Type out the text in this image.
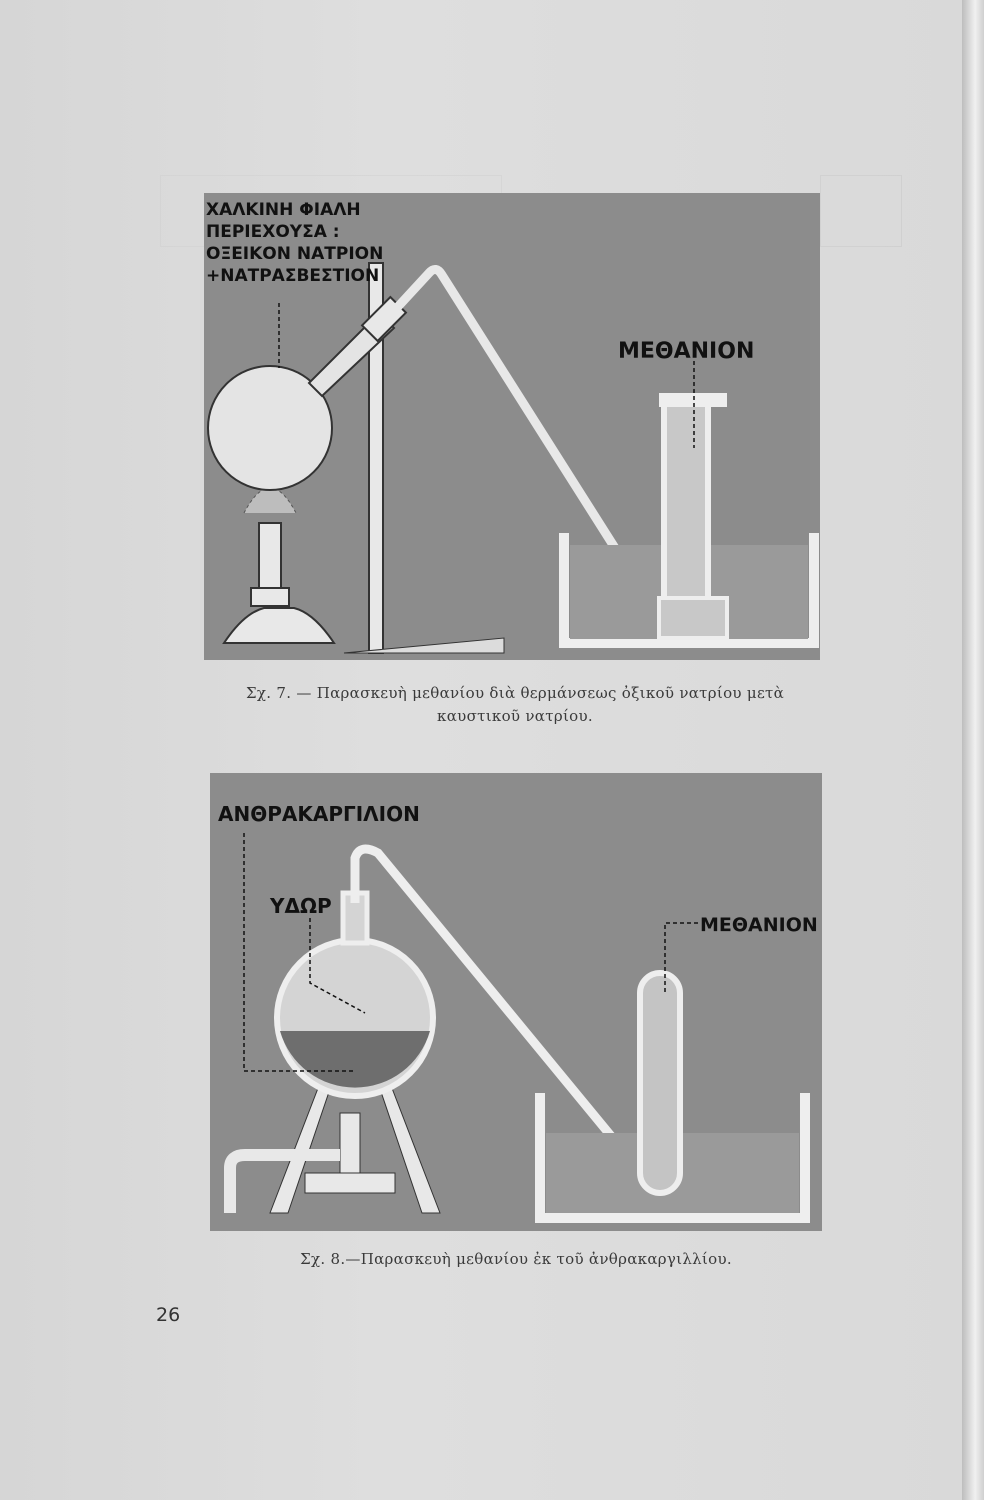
ΧΑΛΚΙΝΗ ΦΙΑΛΗ
ΠΕΡΙΕΧΟΥΣΑ :
ΟΞΕΙΚΟΝ ΝΑΤΡΙΟΝ
+ΝΑΤΡΑΣΒΕΣΤΙΟΝ
ΜΕΘΑΝΙΟΝ
Σχ. 7. — Παρασκευὴ μεθανίου διὰ θερμάνσεως ὀξικοῦ νατρίου μετὰ
καυστικοῦ νατρίου.
ΑΝΘΡΑΚΑΡΓΙΛΙΟΝ
ΥΔΩΡ
ΜΕΘΑΝΙΟΝ
Σχ. 8.—Παρασκευὴ μεθανίου ἐκ τοῦ ἀνθρακαργιλλίου.
26
